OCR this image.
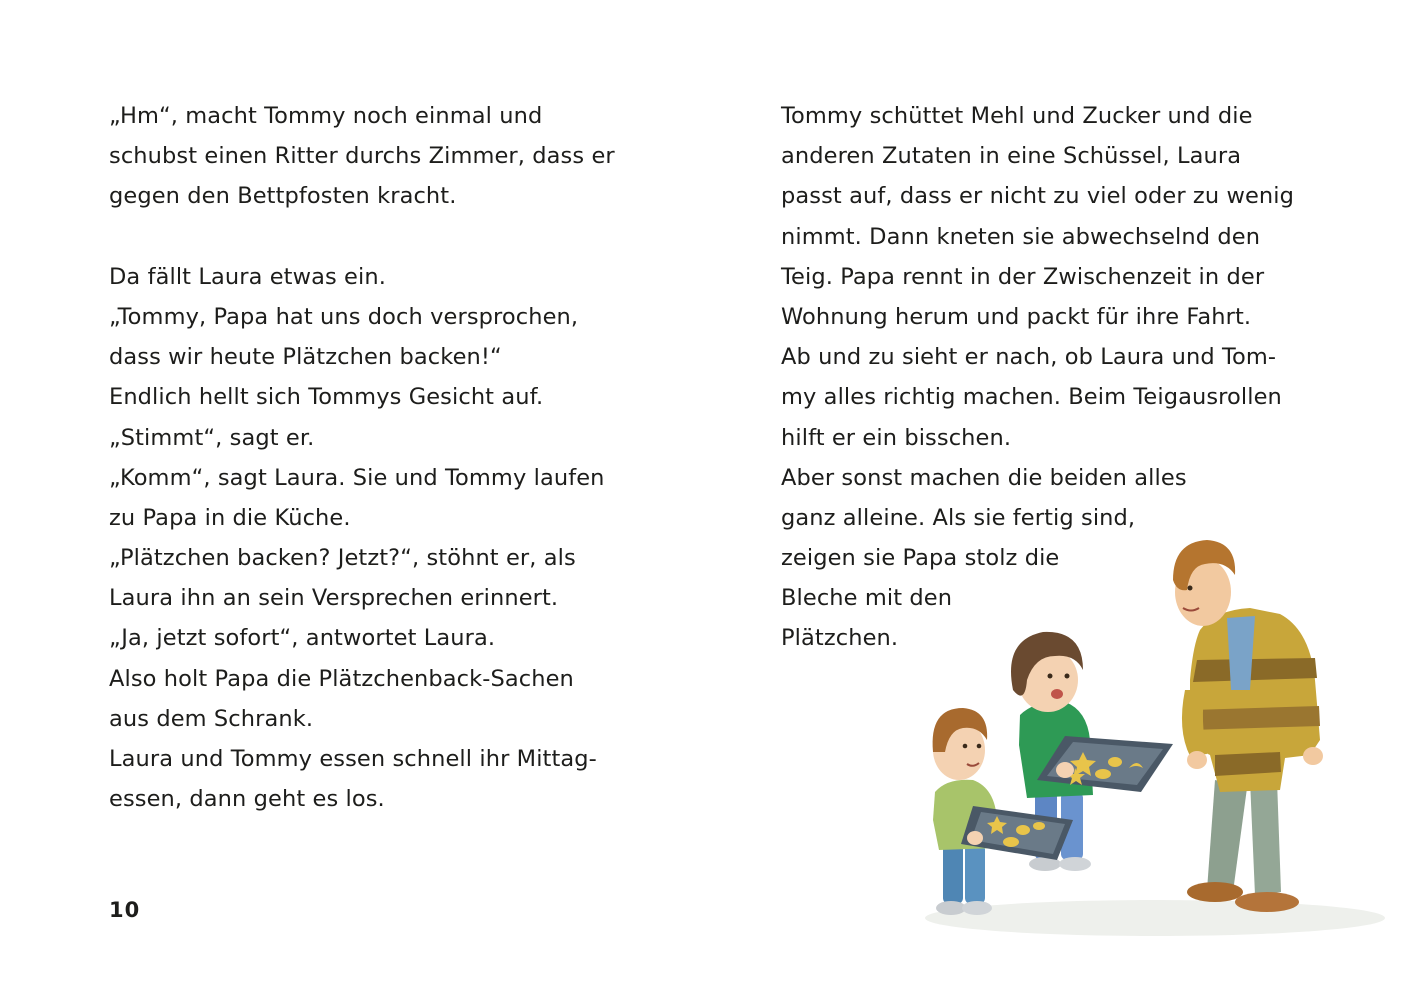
„Hm“, macht Tommy noch einmal und
schubst einen Ritter durchs Zimmer, dass er
gegen den Bettpfosten kracht.
Da fällt Laura etwas ein.
„Tommy, Papa hat uns doch versprochen,
dass wir heute Plätzchen backen!“
Endlich hellt sich Tommys Gesicht auf.
„Stimmt“, sagt er.
„Komm“, sagt Laura. Sie und Tommy laufen
zu Papa in die Küche.
„Plätzchen backen? Jetzt?“, stöhnt er, als
Laura ihn an sein Versprechen erinnert.
„Ja, jetzt sofort“, antwortet Laura.
Also holt Papa die Plätzchenback-Sachen
aus dem Schrank.
Laura und Tommy essen schnell ihr Mittag-
essen, dann geht es los.
Tommy schüttet Mehl und Zucker und die
anderen Zutaten in eine Schüssel, Laura
passt auf, dass er nicht zu viel oder zu wenig
nimmt. Dann kneten sie abwechselnd den
Teig. Papa rennt in der Zwischenzeit in der
Wohnung herum und packt für ihre Fahrt.
Ab und zu sieht er nach, ob Laura und Tom-
my alles richtig machen. Beim Teigausrollen
hilft er ein bisschen.
Aber sonst machen die beiden alles
ganz alleine. Als sie fertig sind,
zeigen sie Papa stolz die
Bleche mit den
Plätzchen.
10
